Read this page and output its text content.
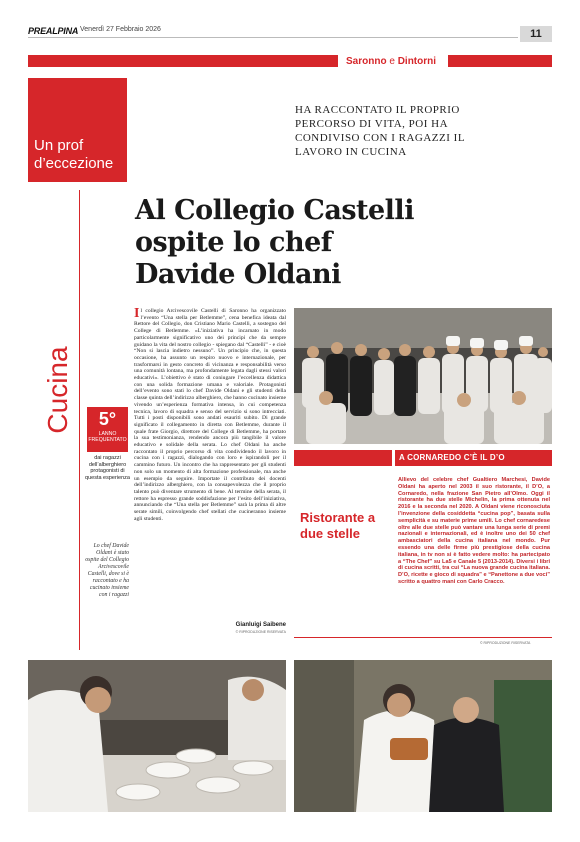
PREALPINA Venerdì 27 Febbraio 2026	11
Saronno e Dintorni
Un prof
d’eccezione
HA RACCONTATO IL PROPRIO PERCORSO DI VITA, POI HA CONDIVISO CON I RAGAZZI IL LAVORO IN CUCINA
Al Collegio Castelli ospite lo chef Davide Oldani
Cucina	5°
LANNO FREQUENTATO
dai ragazzi dell’alberghiero protagonisti di questa esperienza
Lo chef Davide Oldani è stato ospite del Collegio Arcivescovile Castelli, dove si è raccontato e ha cucinato insieme con i ragazzi
Il collegio Arcivescovile Castelli di Saronno ha organizzato l’evento “Una stella per Betlemme”, cena benefica ideata dal Rettore del Collegio, don Cristiano Mario Castelli, a sostegno del College di Betlemme. «L’iniziativa ha incarnato in modo particolarmente significativo uno dei principi che da sempre guidano la vita del nostro collegio - spiegano dal “Castelli” - e cioè “Non si lascia indietro nessuno”. Un principio che, in questa occasione, ha assunto un respiro nuovo e internazionale, per trasformarsi in gesto concreto di vicinanza e responsabilità verso una comunità lontana, ma profondamente legata dagli stessi valori educativi». L’obiettivo è stato di coniugare l’eccellenza didattica con una solida formazione umana e valoriale. Protagonisti dell’evento sono stati lo chef Davide Oldani e gli studenti della classe quinta dell’indirizzo alberghiero, che hanno cucinato insieme vivendo un’esperienza formativa intensa, in cui competenza tecnica, lavoro di squadra e senso del servizio si sono intrecciati. Tutti i posti disponibili sono andati esauriti subito. Di grande significato il collegamento in diretta con Betlemme, durante il quale frate Giorgio, direttore del College di Betlemme, ha portato la sua testimonianza, rendendo ancora più tangibile il valore educativo e solidale della serata. Lo chef Oldani ha anche raccontato il proprio percorso di vita condividendo il lavoro in cucina con i ragazzi, dialogando con loro e ispirandoli per il cammino futuro. Un incontro che ha rappresentato per gli studenti non solo un momento di alta formazione professionale, ma anche un esempio da seguire. Importate il contributo dei docenti dell’indirizzo alberghiero, con la consapevolezza che il proprio talento può diventare strumento di bene. Al termine della serata, il rettore ha espresso grande soddisfazione per l’esito dell’iniziativa, annunciando che “Una stella per Betlemme” sarà la prima di altre serate simili, coinvolgendo chef stellati che cucineranno insieme agli studenti.
Gianluigi Saibene
© RIPRODUZIONE RISERVATA
A CORNAREDO C’È IL D’O
Ristorante a due stelle
Allievo del celebre chef Gualtiero Marchesi, Davide Oldani ha aperto nel 2003 il suo ristorante, il D’O, a Cornaredo, nella frazione San Pietro all’Olmo. Oggi il ristorante ha due stelle Michelin, la prima ottenuta nel 2016 e la seconda nel 2020. A Oldani viene riconosciuta l’invenzione della cosiddetta “cucina pop”, basata sulla semplicità e su materie prime umili. Lo chef cornaredese oltre alle due stelle può vantare una lunga serie di premi nazionali e internazionali, ed è inoltre uno dei 50 chef ambasciatori della cucina italiana nel mondo. Pur essendo una delle firme più prestigiose della cucina italiana, in tv non si è fatto vedere molto: ha partecipato a “The Chef” su La5 e Canale 5 (2013-2014). Diversi i libri di cucina scritti, tra cui “La nuova grande cucina italiana. D’O, ricette e gioco di squadra” e “Panettone a due voci” scritto a quattro mani con Carlo Cracco.
© RIPRODUZIONE RISERVATA
